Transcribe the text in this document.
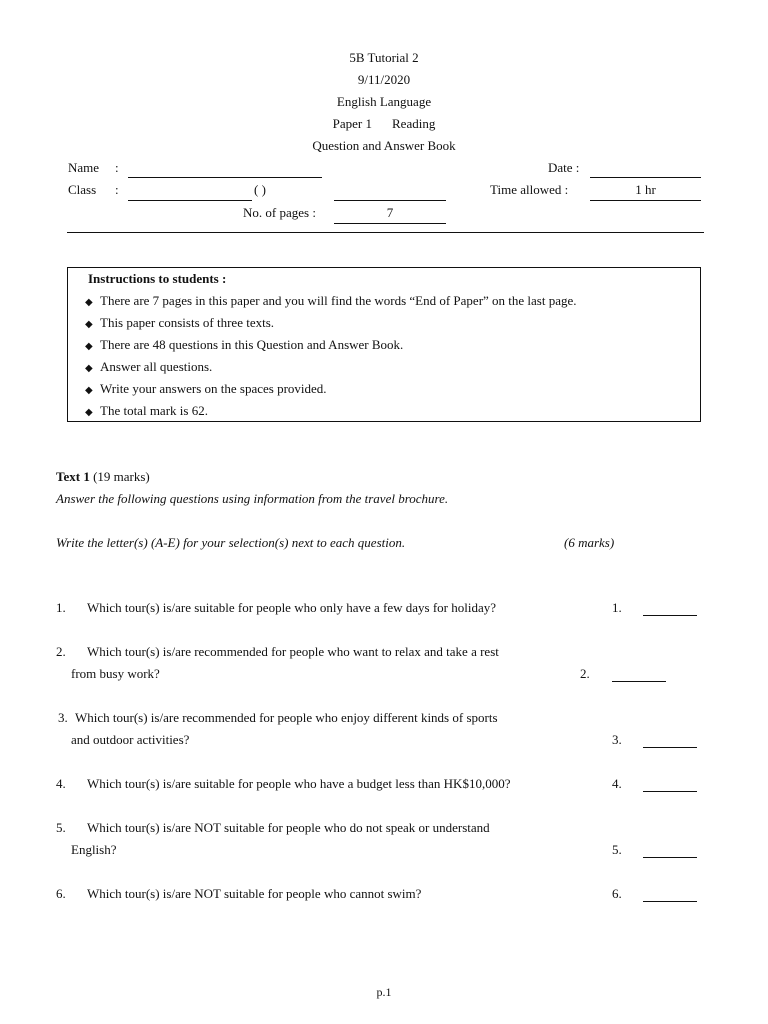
5B Tutorial 2
9/11/2020
English Language
Paper 1 Reading
Question and Answer Book
Name :	Date :
Class :	( )	Time allowed :	1 hr
No. of pages :	7
Instructions to students :
◆ There are 7 pages in this paper and you will find the words “End of Paper” on the last page.
◆ This paper consists of three texts.
◆ There are 48 questions in this Question and Answer Book.
◆ Answer all questions.
◆ Write your answers on the spaces provided.
◆ The total mark is 62.
Text 1 (19 marks)
Answer the following questions using information from the travel brochure.
Write the letter(s) (A-E) for your selection(s) next to each question.	(6 marks)
1. Which tour(s) is/are suitable for people who only have a few days for holiday?	1.
2. Which tour(s) is/are recommended for people who want to relax and take a rest
from busy work?	2.
3. Which tour(s) is/are recommended for people who enjoy different kinds of sports
and outdoor activities?	3.
4. Which tour(s) is/are suitable for people who have a budget less than HK$10,000?	4.
5. Which tour(s) is/are NOT suitable for people who do not speak or understand
English?	5.
6. Which tour(s) is/are NOT suitable for people who cannot swim?	6.
p.1
